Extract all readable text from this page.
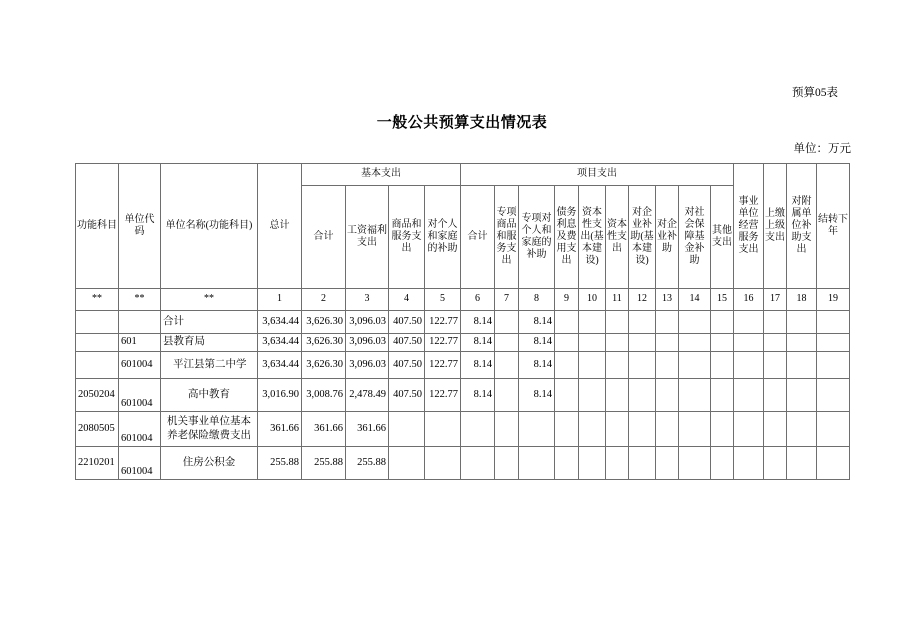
预算05表
一般公共预算支出情况表
单位：万元
功能科目	单位代码	单位名称(功能科目)	总计	基本支出				项目支出										事业单位经营服务支出	上缴上级支出	对附属单位补助支出	结转下年
				合计	工资福利支出	商品和服务支出	对个人和家庭的补助	合计	专项商品和服务支出	专项对个人和家庭的补助	债务利息及费用支出	资本性支出(基本建设)	资本性支出	对企业补助(基本建设)	对企业补助	对社会保障基金补助	其他支出				
**	**	**	1	2	3	4	5	6	7	8	9	10	11	12	13	14	15	16	17	18	19
		合计	3,634.44	3,626.30	3,096.03	407.50	122.77	8.14		8.14											
	601	县教育局	3,634.44	3,626.30	3,096.03	407.50	122.77	8.14		8.14											
	601004	平江县第二中学	3,634.44	3,626.30	3,096.03	407.50	122.77	8.14		8.14											
2050204	601004	高中教育	3,016.90	3,008.76	2,478.49	407.50	122.77	8.14		8.14											
2080505	601004	机关事业单位基本养老保险缴费支出	361.66	361.66	361.66																
2210201	601004	住房公积金	255.88	255.88	255.88																
